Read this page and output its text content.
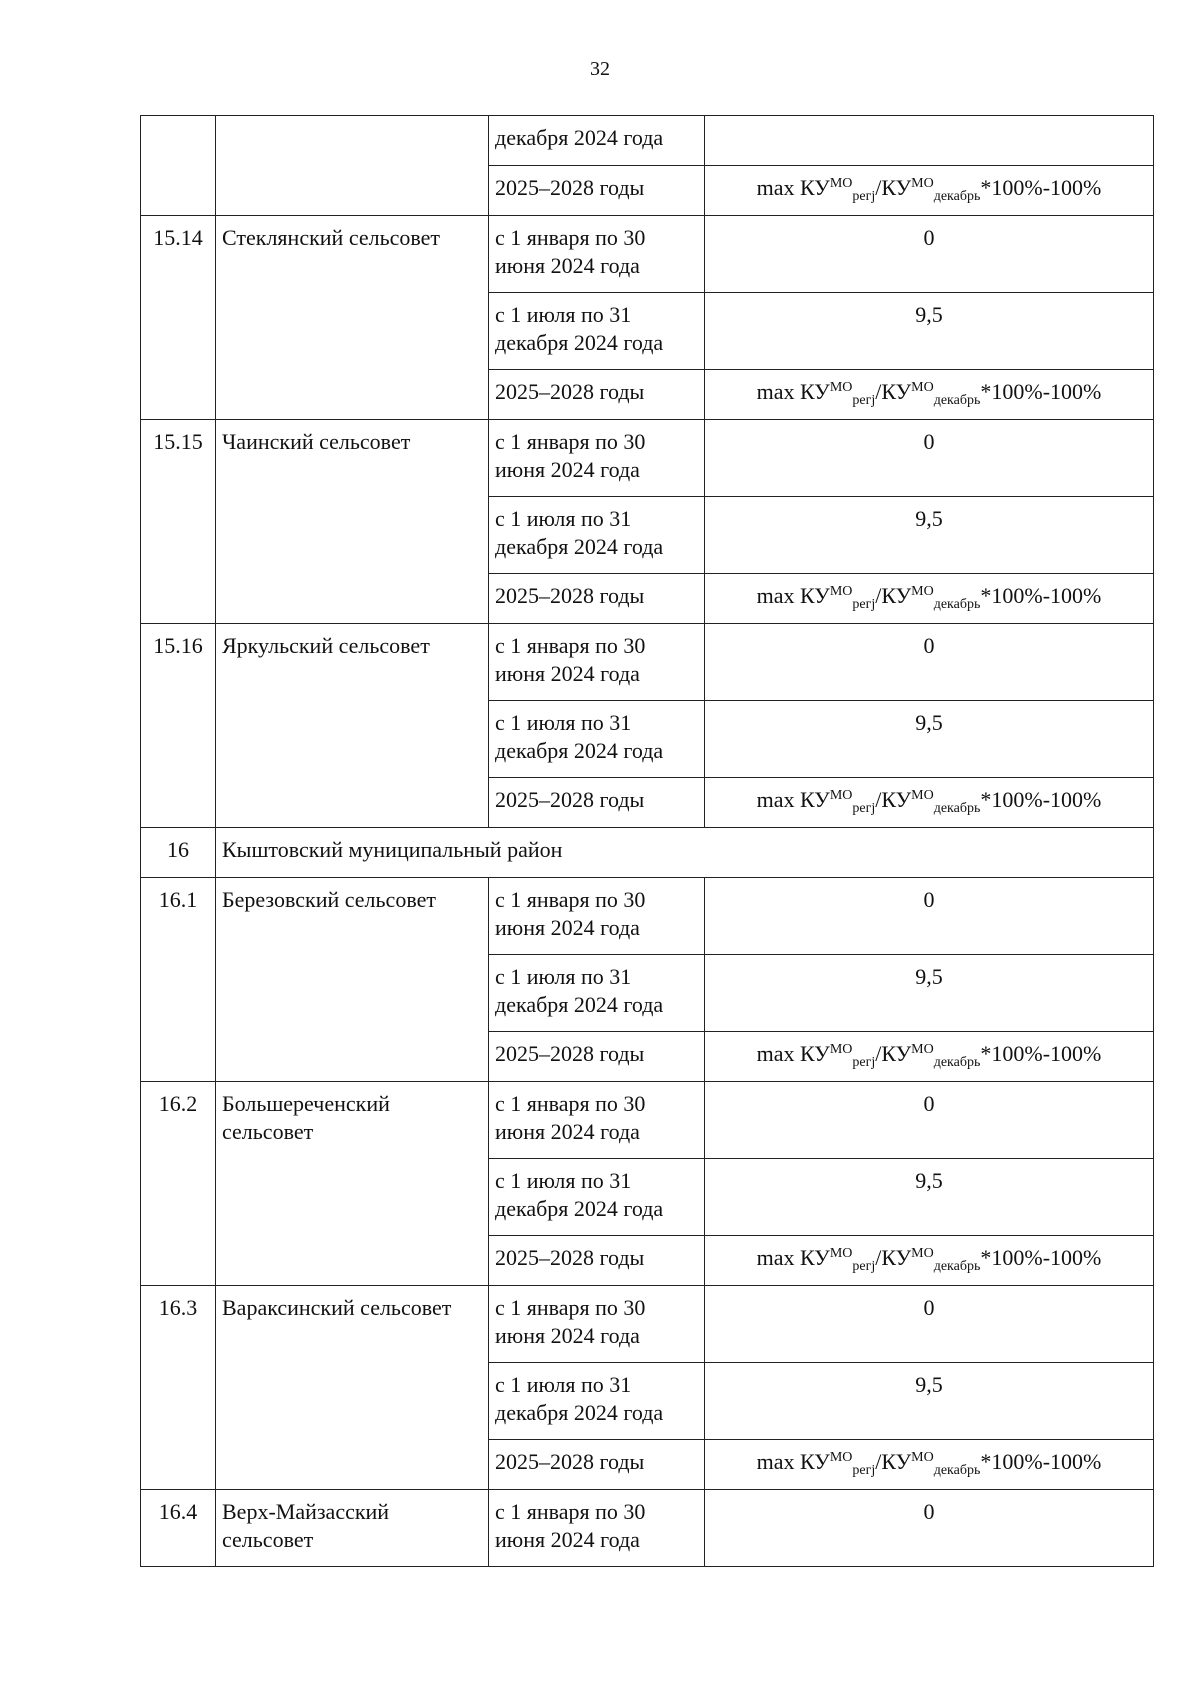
32
		декабря 2024 года	
		2025–2028 годы	$\max КУ^{МО}_{регj}/КУ^{МО}_{декабрь}*100\%-100\%$
15.14	Стеклянский сельсовет	с 1 января по 30 июня 2024 года	0
		с 1 июля по 31 декабря 2024 года	9,5
		2025–2028 годы	$\max КУ^{МО}_{регj}/КУ^{МО}_{декабрь}*100\%-100\%$
15.15	Чаинский сельсовет	с 1 января по 30 июня 2024 года	0
		с 1 июля по 31 декабря 2024 года	9,5
		2025–2028 годы	$\max КУ^{МО}_{регj}/КУ^{МО}_{декабрь}*100\%-100\%$
15.16	Яркульский сельсовет	с 1 января по 30 июня 2024 года	0
		с 1 июля по 31 декабря 2024 года	9,5
		2025–2028 годы	$\max КУ^{МО}_{регj}/КУ^{МО}_{декабрь}*100\%-100\%$
16	Кыштовский муниципальный район		
16.1	Березовский сельсовет	с 1 января по 30 июня 2024 года	0
		с 1 июля по 31 декабря 2024 года	9,5
		2025–2028 годы	$\max КУ^{МО}_{регj}/КУ^{МО}_{декабрь}*100\%-100\%$
16.2	Большереченский сельсовет	с 1 января по 30 июня 2024 года	0
		с 1 июля по 31 декабря 2024 года	9,5
		2025–2028 годы	$\max КУ^{МО}_{регj}/КУ^{МО}_{декабрь}*100\%-100\%$
16.3	Вараксинский сельсовет	с 1 января по 30 июня 2024 года	0
		с 1 июля по 31 декабря 2024 года	9,5
		2025–2028 годы	$\max КУ^{МО}_{регj}/КУ^{МО}_{декабрь}*100\%-100\%$
16.4	Верх-Майзасский сельсовет	с 1 января по 30 июня 2024 года	0
